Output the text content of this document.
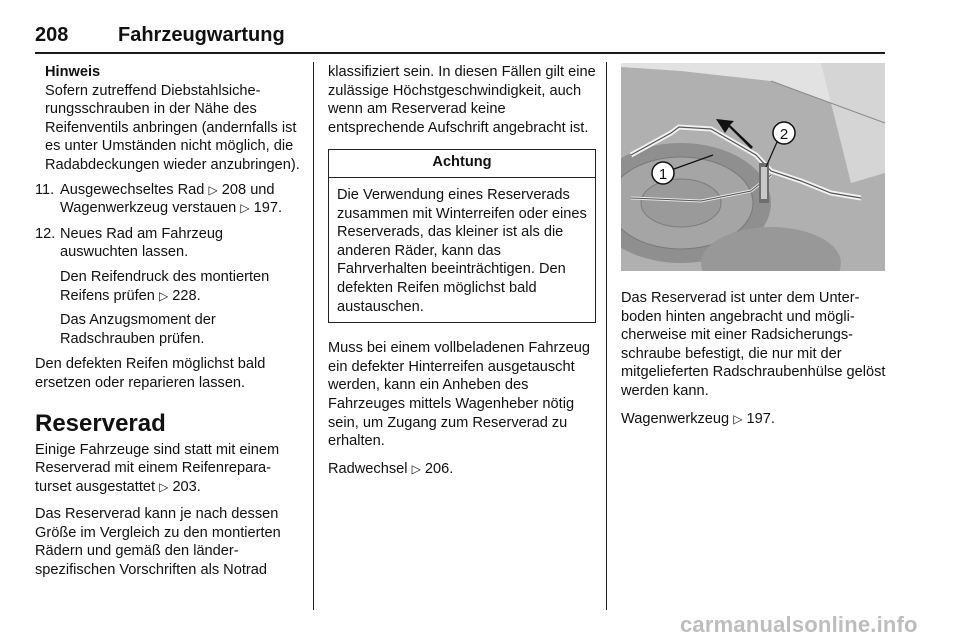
208 Fahrzeugwartung
Hinweis
Sofern zutreffend Diebstahlsicherungsschrauben in der Nähe des Reifenventils anbringen (andernfalls ist es unter Umständen nicht möglich, die Radabdeckungen wieder anzubringen).
11. Ausgewechseltes Rad ▷ 208 und Wagenwerkzeug verstauen ▷ 197.
12. Neues Rad am Fahrzeug auswuchten lassen.

Den Reifendruck des montierten Reifens prüfen ▷ 228.

Das Anzugsmoment der Radschrauben prüfen.

Den defekten Reifen möglichst bald ersetzen oder reparieren lassen.

Reserverad

Einige Fahrzeuge sind statt mit einem Reserverad mit einem Reifenreparaturset ausgestattet ▷ 203.

Das Reserverad kann je nach dessen Größe im Vergleich zu den montierten Rädern und gemäß den länderspezifischen Vorschriften als Notrad

klassifiziert sein. In diesen Fällen gilt eine zulässige Höchstgeschwindigkeit, auch wenn am Reserverad keine entsprechende Aufschrift angebracht ist.

Achtung
Die Verwendung eines Reserverads zusammen mit Winterreifen oder eines Reserverads, das kleiner ist als die anderen Räder, kann das Fahrverhalten beeinträchtigen. Den defekten Reifen möglichst bald austauschen.

Muss bei einem vollbeladenen Fahrzeug ein defekter Hinterreifen ausgetauscht werden, kann ein Anheben des Fahrzeuges mittels Wagenheber nötig sein, um Zugang zum Reserverad zu erhalten.

Radwechsel ▷ 206.

1
2

Das Reserverad ist unter dem Unterboden hinten angebracht und möglicherweise mit einer Radsicherungsschraube befestigt, die nur mit der mitgelieferten Radschraubenhülse gelöst werden kann.

Wagenwerkzeug ▷ 197.

carmanualsonline.info
